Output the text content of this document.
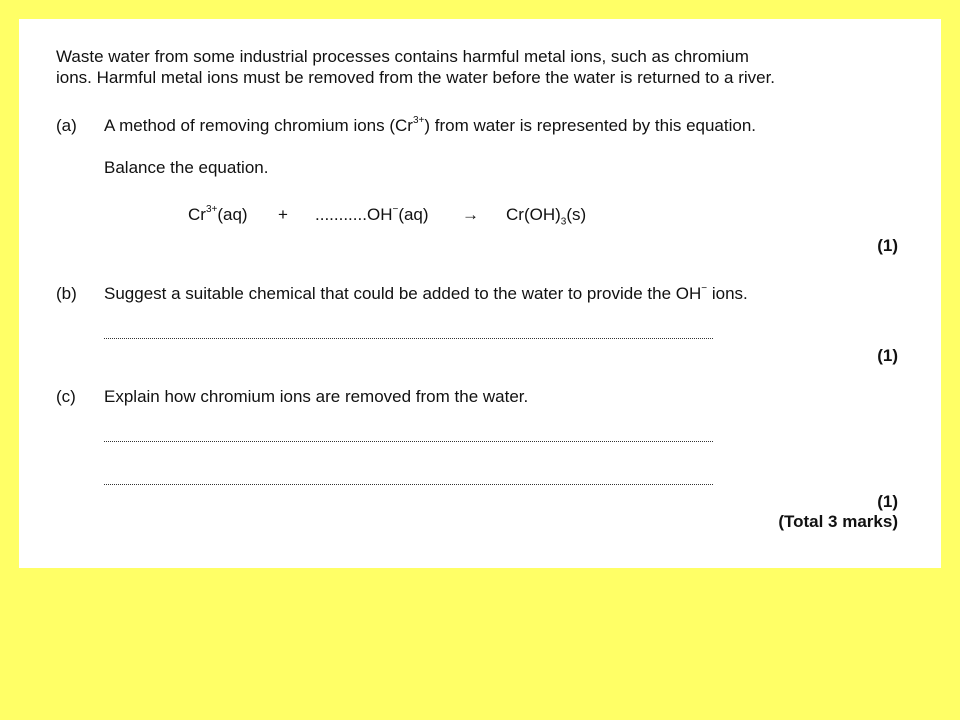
Waste water from some industrial processes contains harmful metal ions, such as chromium
ions. Harmful metal ions must be removed from the water before the water is returned to a river.
(a) A method of removing chromium ions $(Cr^{3+})$ from water is represented by this equation.
Balance the equation.
$Cr^{3+}(aq) + ...........OH^-(aq) \to Cr(OH)_3(s)$
(1)
(b) Suggest a suitable chemical that could be added to the water to provide the OH− ions.
(1)
(c) Explain how chromium ions are removed from the water.
(1)
(Total 3 marks)
